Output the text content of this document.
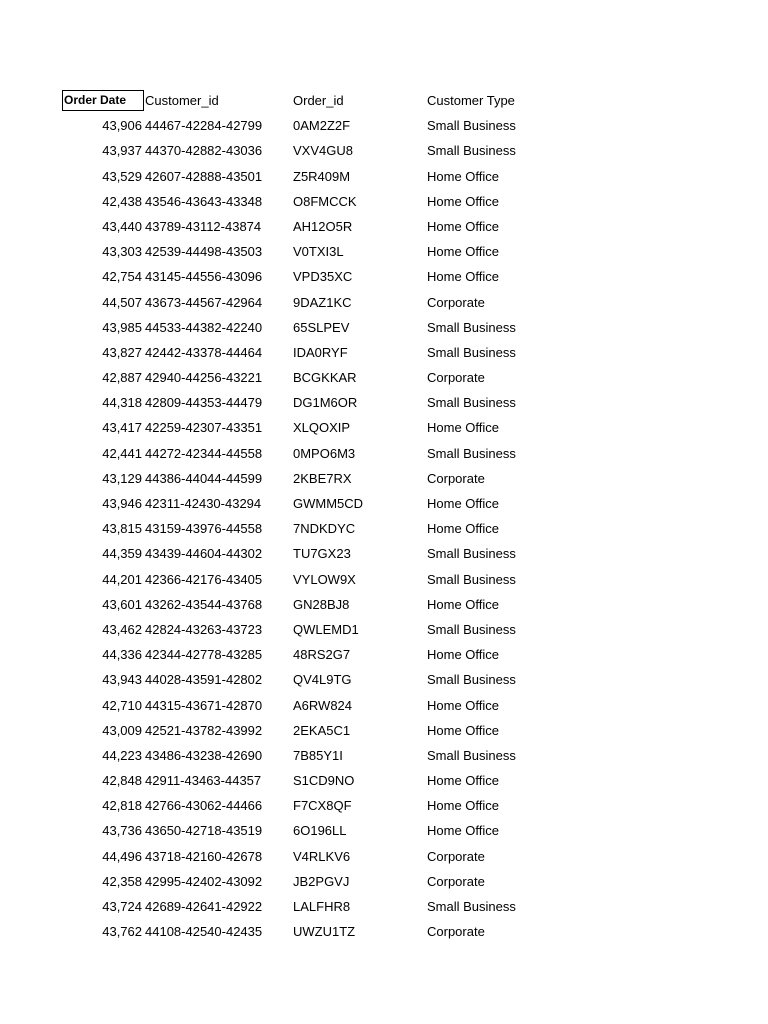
Order Date	Customer_id	Order_id	Customer Type
43,906 44467-42284-42799	0AM2Z2F	Small Business
43,937 44370-42882-43036	VXV4GU8	Small Business
43,529 42607-42888-43501	Z5R409M	Home Office
42,438 43546-43643-43348	O8FMCCK	Home Office
43,440 43789-43112-43874	AH12O5R	Home Office
43,303 42539-44498-43503	V0TXI3L	Home Office
42,754 43145-44556-43096	VPD35XC	Home Office
44,507 43673-44567-42964	9DAZ1KC	Corporate
43,985 44533-44382-42240	65SLPEV	Small Business
43,827 42442-43378-44464	IDA0RYF	Small Business
42,887 42940-44256-43221	BCGKKAR	Corporate
44,318 42809-44353-44479	DG1M6OR	Small Business
43,417 42259-42307-43351	XLQOXIP	Home Office
42,441 44272-42344-44558	0MPO6M3	Small Business
43,129 44386-44044-44599	2KBE7RX	Corporate
43,946 42311-42430-43294	GWMM5CD	Home Office
43,815 43159-43976-44558	7NDKDYC	Home Office
44,359 43439-44604-44302	TU7GX23	Small Business
44,201 42366-42176-43405	VYLOW9X	Small Business
43,601 43262-43544-43768	GN28BJ8	Home Office
43,462 42824-43263-43723	QWLEMD1	Small Business
44,336 42344-42778-43285	48RS2G7	Home Office
43,943 44028-43591-42802	QV4L9TG	Small Business
42,710 44315-43671-42870	A6RW824	Home Office
43,009 42521-43782-43992	2EKA5C1	Home Office
44,223 43486-43238-42690	7B85Y1I	Small Business
42,848 42911-43463-44357	S1CD9NO	Home Office
42,818 42766-43062-44466	F7CX8QF	Home Office
43,736 43650-42718-43519	6O196LL	Home Office
44,496 43718-42160-42678	V4RLKV6	Corporate
42,358 42995-42402-43092	JB2PGVJ	Corporate
43,724 42689-42641-42922	LALFHR8	Small Business
43,762 44108-42540-42435	UWZU1TZ	Corporate
